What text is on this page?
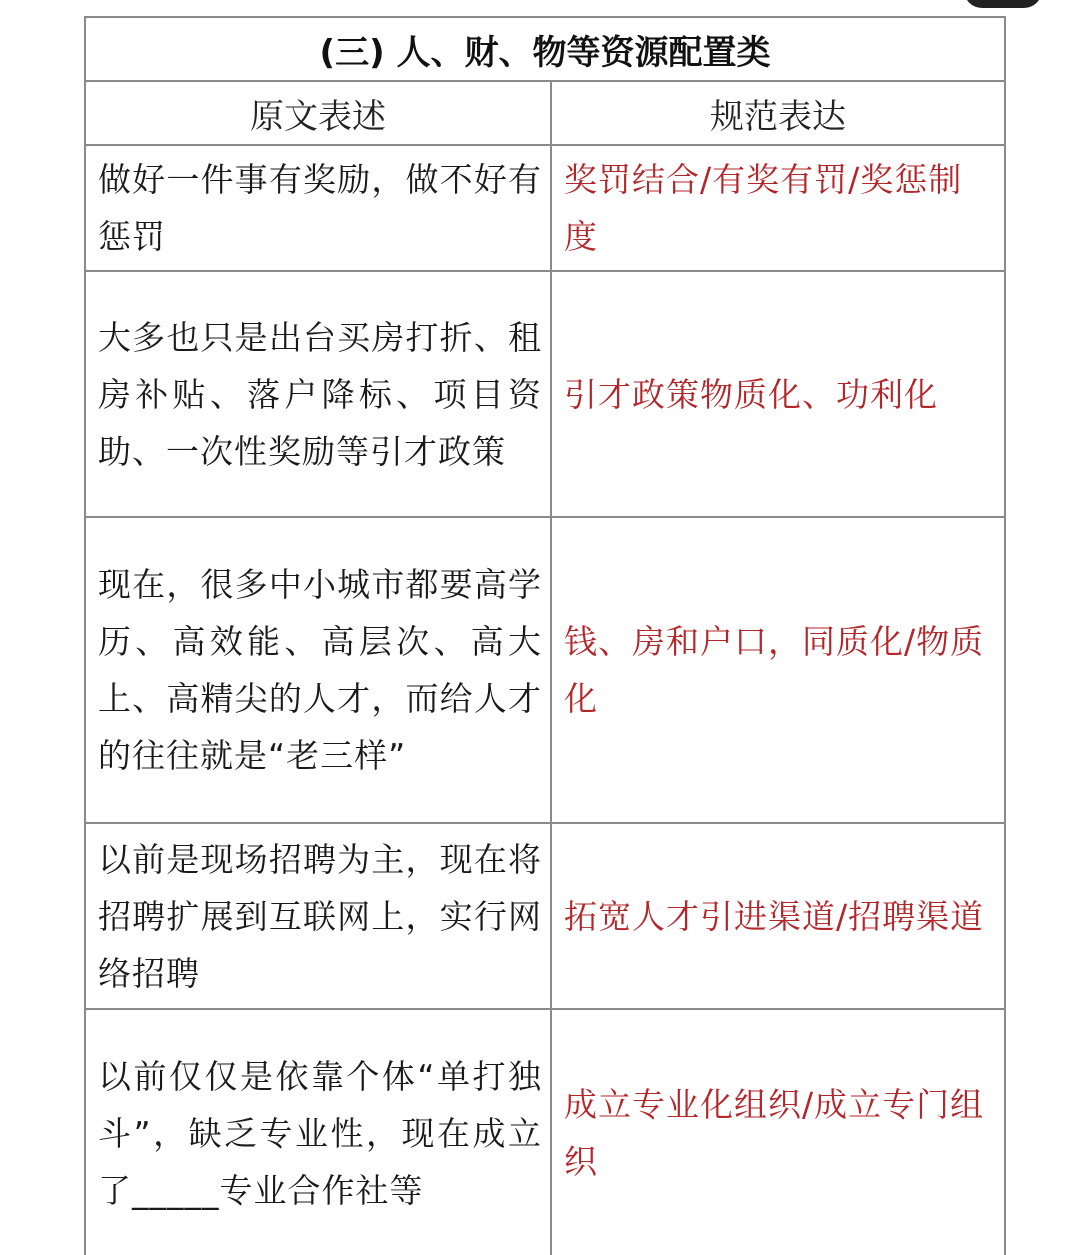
(三) 人、财、物等资源配置类	
原文表述	规范表达
做好一件事有奖励，做不好有惩罚	奖罚结合/有奖有罚/奖惩制度
大多也只是出台买房打折、租房补贴、落户降标、项目资助、一次性奖励等引才政策	引才政策物质化、功利化
现在，很多中小城市都要高学历、高效能、高层次、高大上、高精尖的人才，而给人才的往往就是“老三样”	钱、房和户口，同质化/物质化
以前是现场招聘为主，现在将招聘扩展到互联网上，实行网络招聘	拓宽人才引进渠道/招聘渠道
以前仅仅是依靠个体“单打独斗”，缺乏专业性，现在成立了_____专业合作社等	成立专业化组织/成立专门组织
